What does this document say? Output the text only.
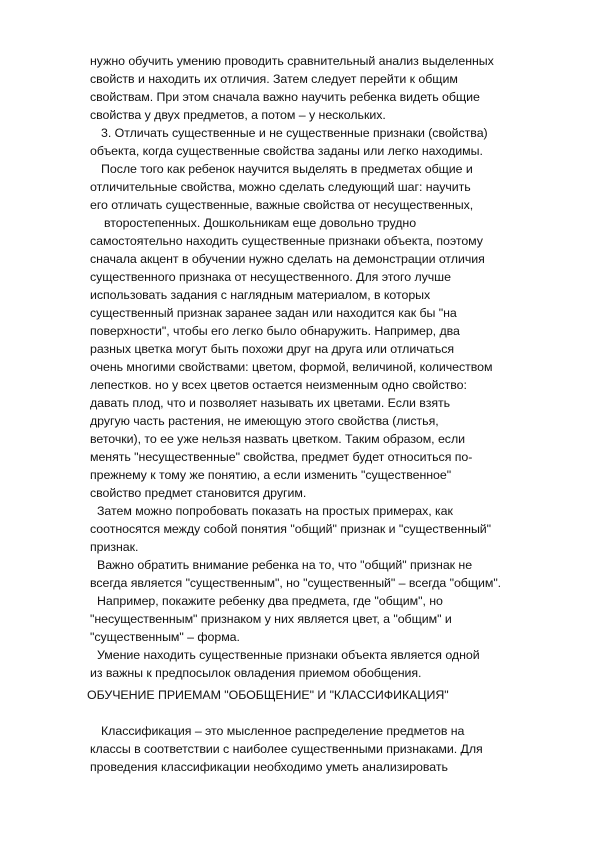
нужно обучить умению проводить сравнительный анализ выделенных
свойств и находить их отличия. Затем следует перейти к общим
свойствам. При этом сначала важно научить ребенка видеть общие
свойства у двух предметов, а потом – у нескольких.
3. Отличать существенные и не существенные признаки (свойства)
объекта, когда существенные свойства заданы или легко находимы.
После того как ребенок научится выделять в предметах общие и
отличительные свойства, можно сделать следующий шаг: научить
его отличать существенные, важные свойства от несущественных,
второстепенных. Дошкольникам еще довольно трудно
самостоятельно находить существенные признаки объекта, поэтому
сначала акцент в обучении нужно сделать на демонстрации отличия
существенного признака от несущественного. Для этого лучше
использовать задания с наглядным материалом, в которых
существенный признак заранее задан или находится как бы "на
поверхности", чтобы его легко было обнаружить. Например, два
разных цветка могут быть похожи друг на друга или отличаться
очень многими свойствами: цветом, формой, величиной, количеством
лепестков. но у всех цветов остается неизменным одно свойство:
давать плод, что и позволяет называть их цветами. Если взять
другую часть растения, не имеющую этого свойства (листья,
веточки), то ее уже нельзя назвать цветком. Таким образом, если
менять "несущественные" свойства, предмет будет относиться по-
прежнему к тому же понятию, а если изменить "существенное"
свойство предмет становится другим.
Затем можно попробовать показать на простых примерах, как
соотносятся между собой понятия "общий" признак и "существенный"
признак.
Важно обратить внимание ребенка на то, что "общий" признак не
всегда является "существенным", но "существенный" – всегда "общим".
Например, покажите ребенку два предмета, где "общим", но
"несущественным" признаком у них является цвет, а "общим" и
"существенным" – форма.
Умение находить существенные признаки объекта является одной
из важны к предпосылок овладения приемом обобщения.
ОБУЧЕНИЕ ПРИЕМАМ "ОБОБЩЕНИЕ" И "КЛАССИФИКАЦИЯ"
Классификация – это мысленное распределение предметов на
классы в соответствии с наиболее существенными признаками. Для
проведения классификации необходимо уметь анализировать
